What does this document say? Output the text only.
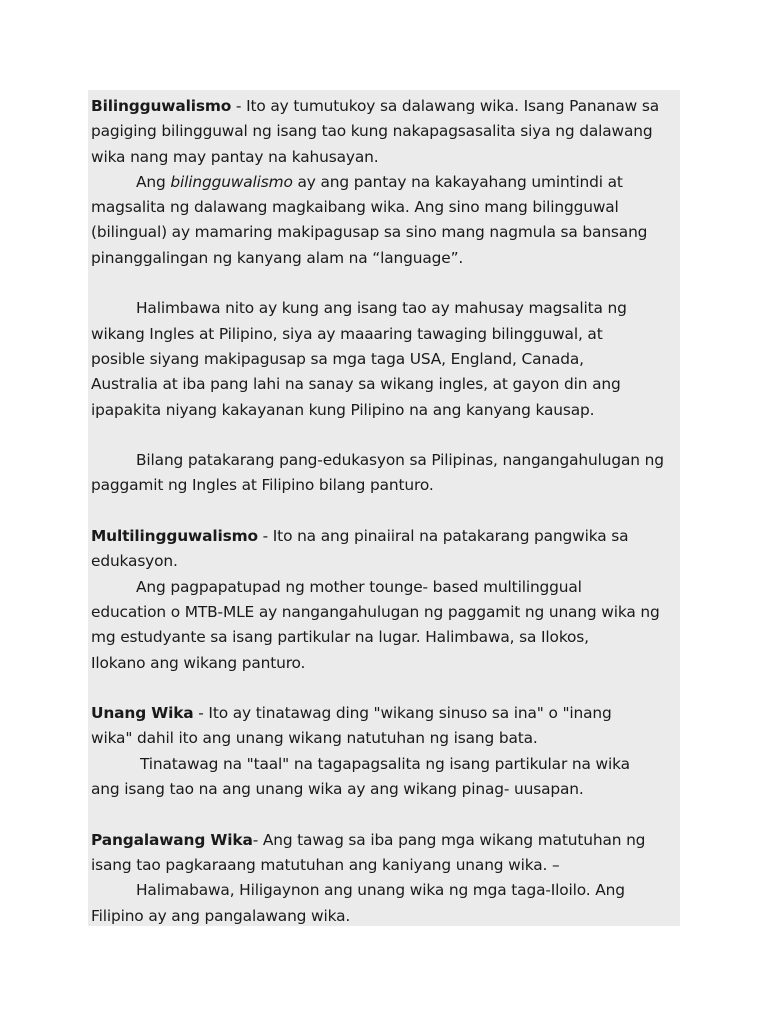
Bilingguwalismo - Ito ay tumutukoy sa dalawang wika. Isang Pananaw sa
pagiging bilingguwal ng isang tao kung nakapagsasalita siya ng dalawang
wika nang may pantay na kahusayan.
Ang bilingguwalismo ay ang pantay na kakayahang umintindi at
magsalita ng dalawang magkaibang wika. Ang sino mang bilingguwal
(bilingual) ay mamaring makipagusap sa sino mang nagmula sa bansang
pinanggalingan ng kanyang alam na “language”.
Halimbawa nito ay kung ang isang tao ay mahusay magsalita ng
wikang Ingles at Pilipino, siya ay maaaring tawaging bilingguwal, at
posible siyang makipagusap sa mga taga USA, England, Canada,
Australia at iba pang lahi na sanay sa wikang ingles, at gayon din ang
ipapakita niyang kakayanan kung Pilipino na ang kanyang kausap.
Bilang patakarang pang-edukasyon sa Pilipinas, nangangahulugan ng
paggamit ng Ingles at Filipino bilang panturo.
Multilingguwalismo - Ito na ang pinaiiral na patakarang pangwika sa
edukasyon.
Ang pagpapatupad ng mother tounge- based multilinggual
education o MTB-MLE ay nangangahulugan ng paggamit ng unang wika ng
mg estudyante sa isang partikular na lugar. Halimbawa, sa Ilokos,
Ilokano ang wikang panturo.
Unang Wika - Ito ay tinatawag ding "wikang sinuso sa ina" o "inang
wika" dahil ito ang unang wikang natutuhan ng isang bata.
Tinatawag na "taal" na tagapagsalita ng isang partikular na wika
ang isang tao na ang unang wika ay ang wikang pinag- uusapan.
Pangalawang Wika- Ang tawag sa iba pang mga wikang matutuhan ng
isang tao pagkaraang matutuhan ang kaniyang unang wika. –
Halimabawa, Hiligaynon ang unang wika ng mga taga-Iloilo. Ang
Filipino ay ang pangalawang wika.
